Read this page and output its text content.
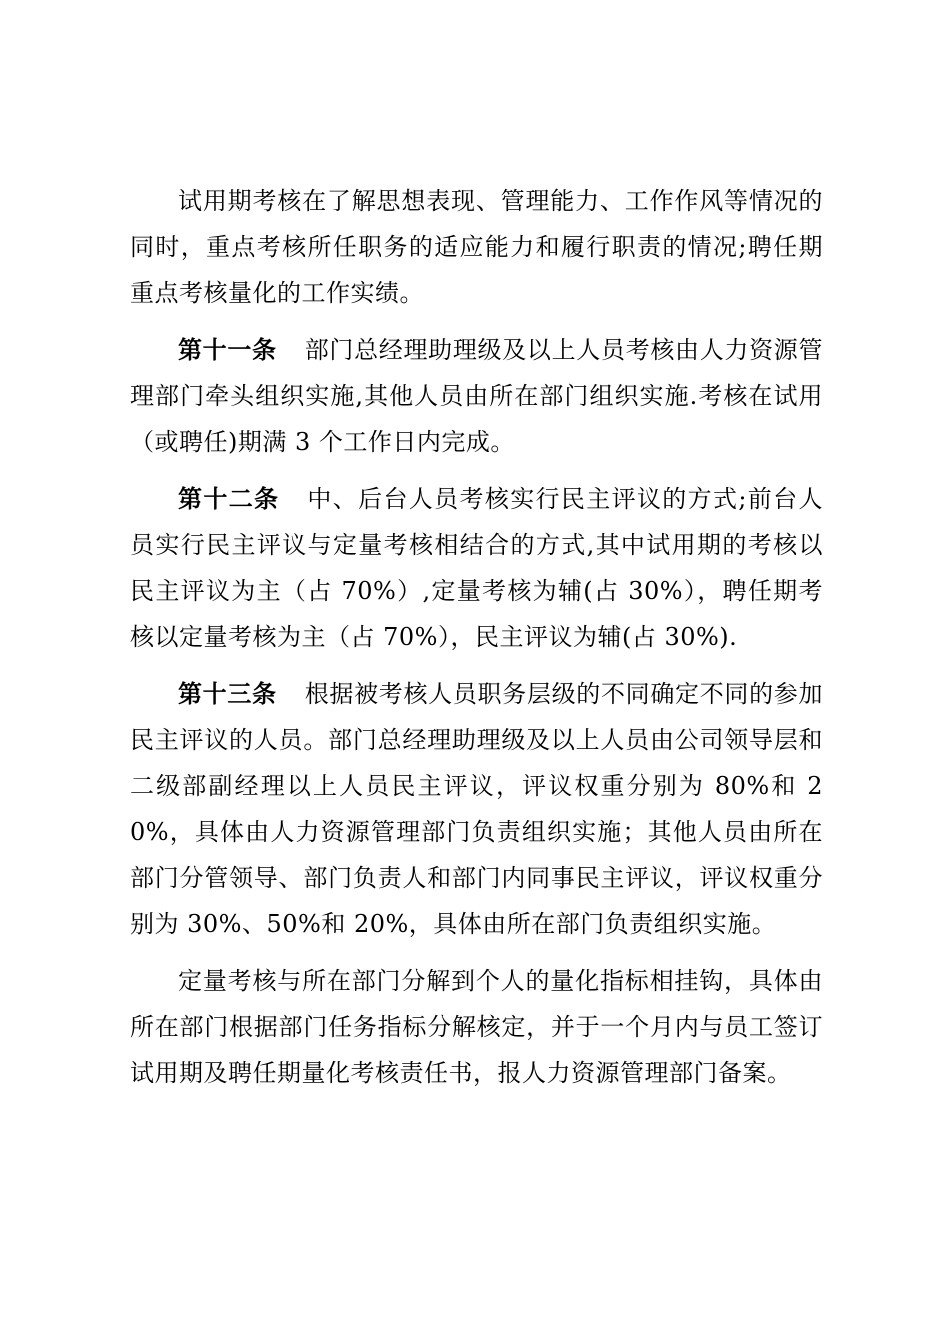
试用期考核在了解思想表现、管理能力、工作作风等情况的同时，重点考核所任职务的适应能力和履行职责的情况;聘任期重点考核量化的工作实绩。

第十一条 部门总经理助理级及以上人员考核由人力资源管理部门牵头组织实施,其他人员由所在部门组织实施.考核在试用（或聘任)期满 3 个工作日内完成。

第十二条 中、后台人员考核实行民主评议的方式;前台人员实行民主评议与定量考核相结合的方式,其中试用期的考核以民主评议为主（占 70%）,定量考核为辅(占 30%），聘任期考核以定量考核为主（占 70%），民主评议为辅(占 30%).

第十三条 根据被考核人员职务层级的不同确定不同的参加民主评议的人员。部门总经理助理级及以上人员由公司领导层和二级部副经理以上人员民主评议，评议权重分别为 80%和 20%，具体由人力资源管理部门负责组织实施；其他人员由所在部门分管领导、部门负责人和部门内同事民主评议，评议权重分别为 30%、50%和 20%，具体由所在部门负责组织实施。

定量考核与所在部门分解到个人的量化指标相挂钩，具体由所在部门根据部门任务指标分解核定，并于一个月内与员工签订试用期及聘任期量化考核责任书，报人力资源管理部门备案。
